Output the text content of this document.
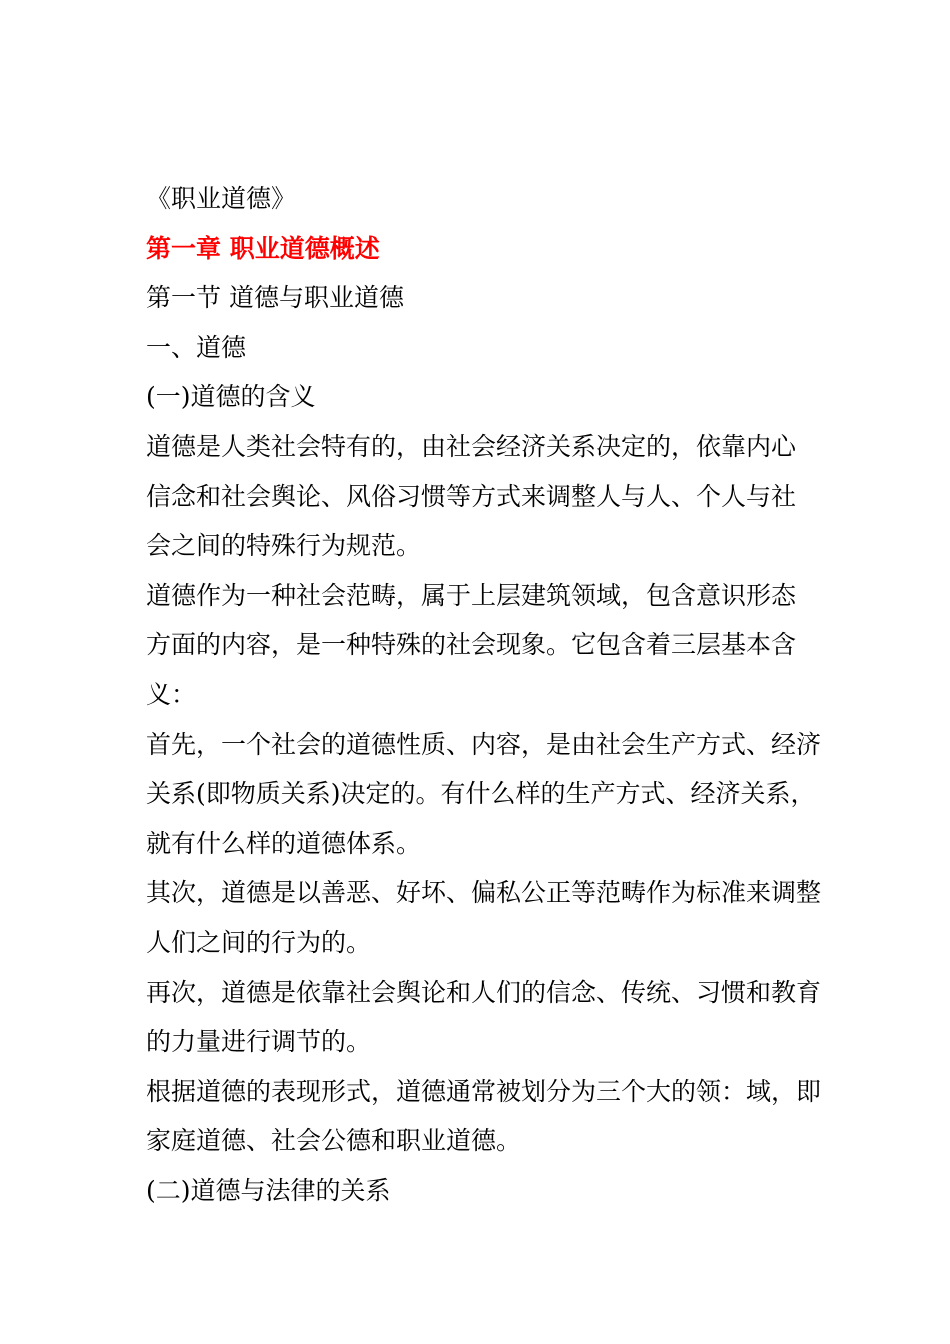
《职业道德》

第一章 职业道德概述

第一节 道德与职业道德

一、道德

(一)道德的含义

道德是人类社会特有的，由社会经济关系决定的，依靠内心
信念和社会舆论、风俗习惯等方式来调整人与人、个人与社
会之间的特殊行为规范。

道德作为一种社会范畴，属于上层建筑领域，包含意识形态
方面的内容，是一种特殊的社会现象。它包含着三层基本含
义：

首先，一个社会的道德性质、内容，是由社会生产方式、经济
关系(即物质关系)决定的。有什么样的生产方式、经济关系，
就有什么样的道德体系。

其次，道德是以善恶、好坏、偏私公正等范畴作为标准来调整
人们之间的行为的。

再次，道德是依靠社会舆论和人们的信念、传统、习惯和教育
的力量进行调节的。

根据道德的表现形式，道德通常被划分为三个大的领：域，即
家庭道德、社会公德和职业道德。

(二)道德与法律的关系
